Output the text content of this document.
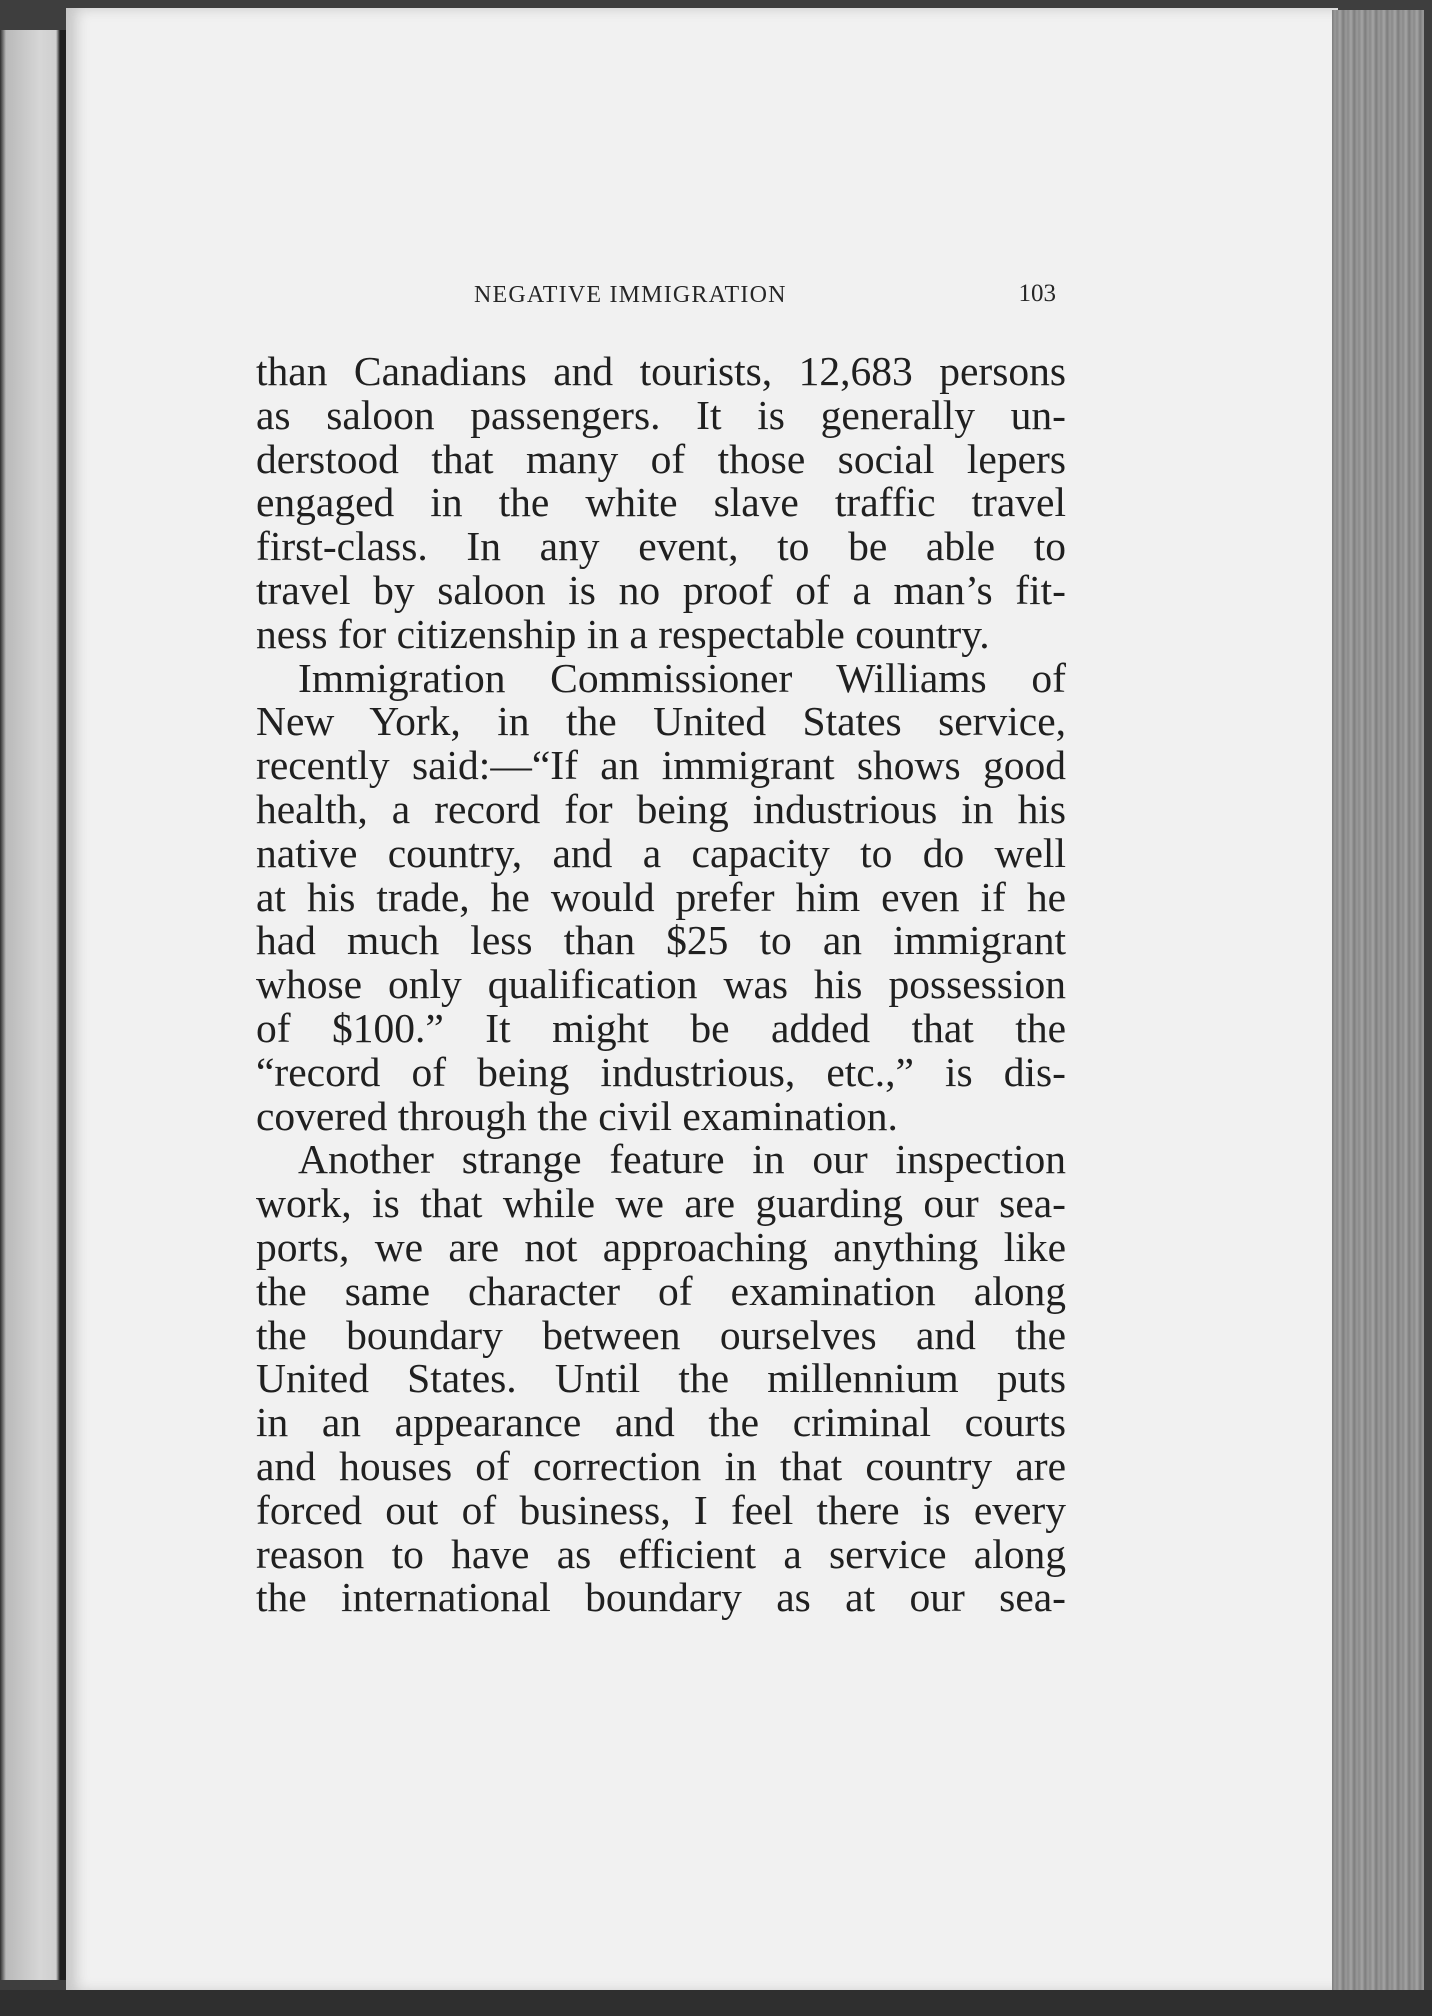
NEGATIVE IMMIGRATION	103
than Canadians and tourists, 12,683 persons
as saloon passengers. It is generally un-
derstood that many of those social lepers
engaged in the white slave traffic travel
first-class. In any event, to be able to
travel by saloon is no proof of a man’s fit-
ness for citizenship in a respectable country.
Immigration Commissioner Williams of
New York, in the United States service,
recently said:—“If an immigrant shows good
health, a record for being industrious in his
native country, and a capacity to do well
at his trade, he would prefer him even if he
had much less than $25 to an immigrant
whose only qualification was his possession
of $100.” It might be added that the
“record of being industrious, etc.,” is dis-
covered through the civil examination.
Another strange feature in our inspection
work, is that while we are guarding our sea-
ports, we are not approaching anything like
the same character of examination along
the boundary between ourselves and the
United States. Until the millennium puts
in an appearance and the criminal courts
and houses of correction in that country are
forced out of business, I feel there is every
reason to have as efficient a service along
the international boundary as at our sea-
